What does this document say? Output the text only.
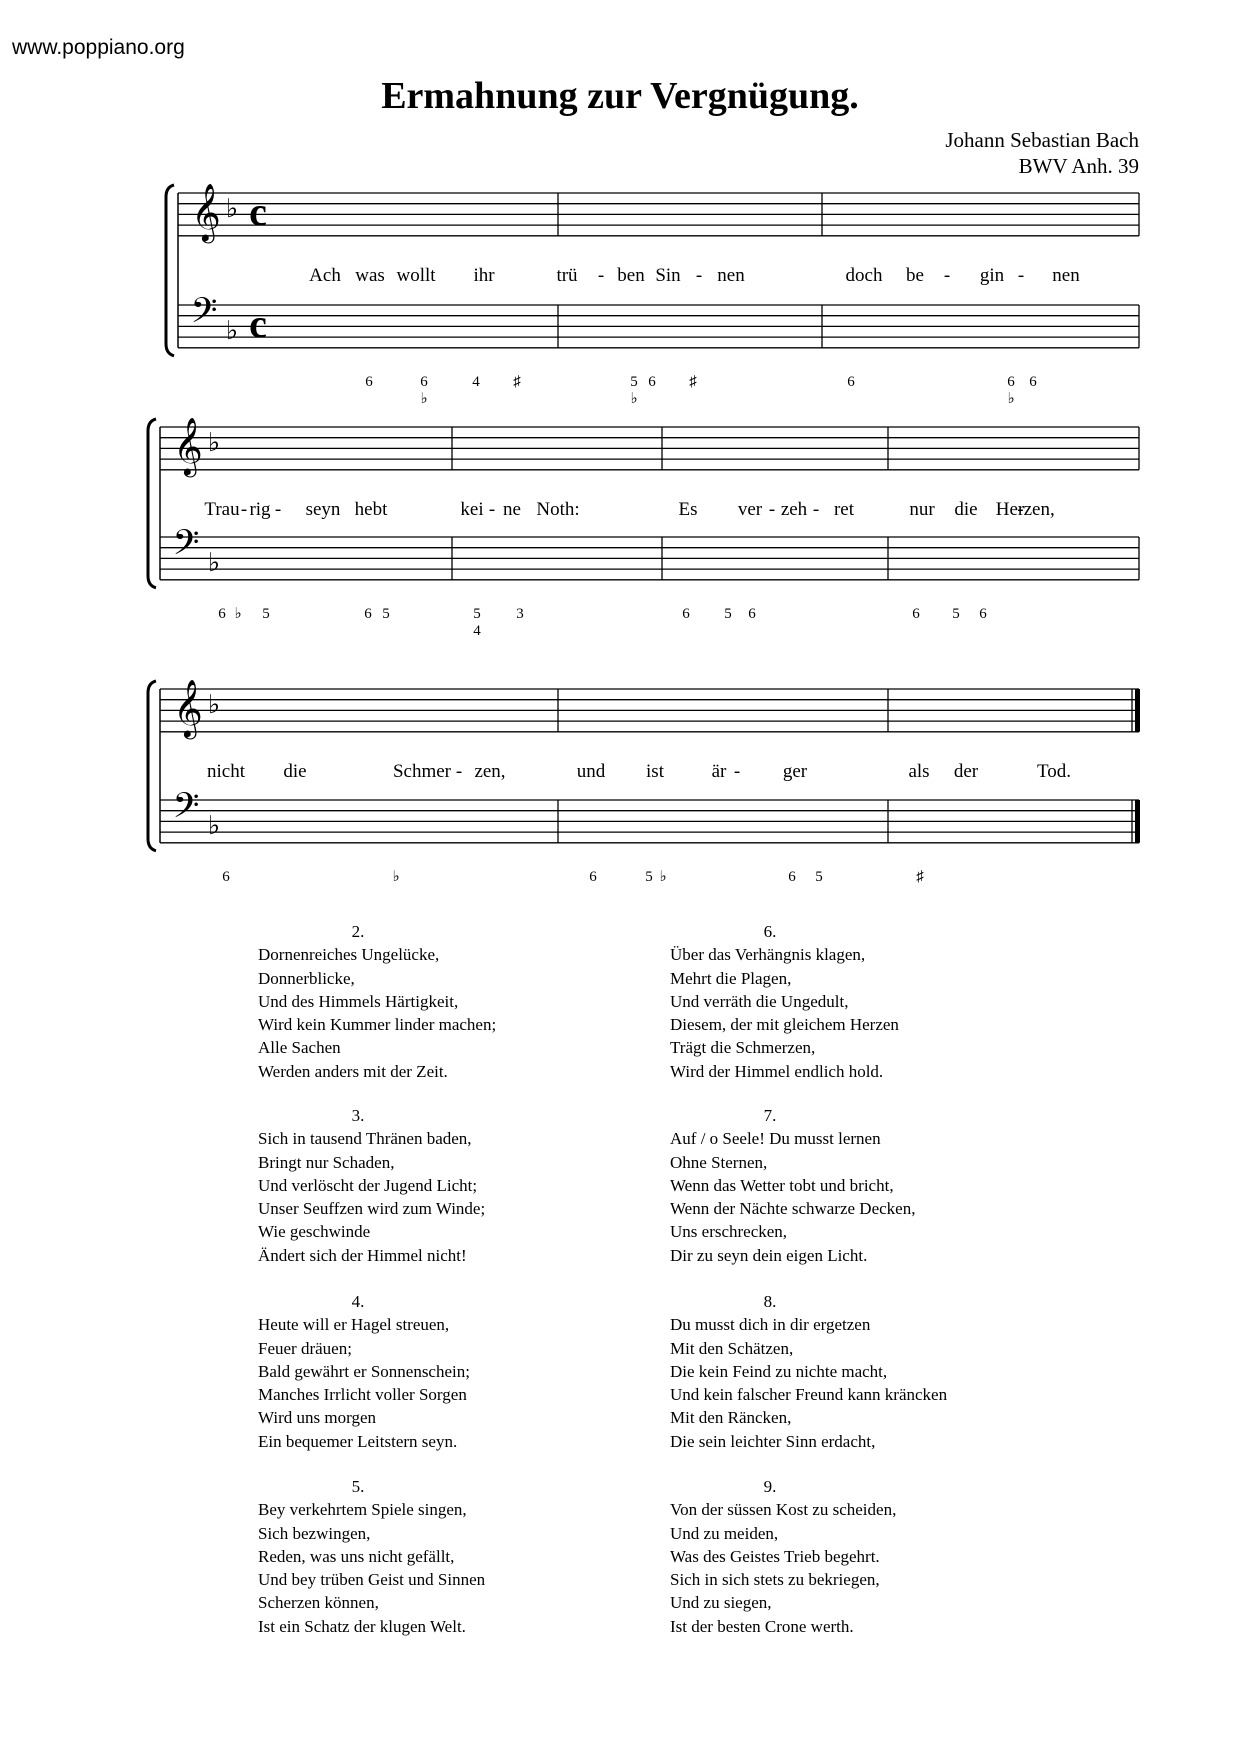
www.poppiano.org
Ermahnung zur Vergnügung.
Johann Sebastian Bach
BWV Anh. 39
𝄞
𝄢
♭
♭
c
c
Ach was wollt ihr	trü - ben Sin - nen	doch be - gin - nen
6	6
♭
4 ♯	5
♭
6 ♯	6	6
♭
6
𝄞
𝄢
♭
♭
Trau - rig - seyn hebt	kei - ne Noth:	Es ver - zeh - ret	nur die Her
-zen,
6 ♭ 5	6 5	5
4
3	6 5 6	6 5 6
𝄞
𝄢
♭
♭
nicht die	Schmer - zen,	und ist	är - ger	als der	Tod.
6	♭	6	5 ♭	6 5	♯
2.
Dornenreiches Ungelücke,
Donnerblicke,
Und des Himmels Härtigkeit,
Wird kein Kummer linder machen;
Alle Sachen
Werden anders mit der Zeit.
3.
Sich in tausend Thränen baden,
Bringt nur Schaden,
Und verlöscht der Jugend Licht;
Unser Seuffzen wird zum Winde;
Wie geschwinde
Ändert sich der Himmel nicht!
4.
Heute will er Hagel streuen,
Feuer dräuen;
Bald gewährt er Sonnenschein;
Manches Irrlicht voller Sorgen
Wird uns morgen
Ein bequemer Leitstern seyn.
5.
Bey verkehrtem Spiele singen,
Sich bezwingen,
Reden, was uns nicht gefällt,
Und bey trüben Geist und Sinnen
Scherzen können,
Ist ein Schatz der klugen Welt.
6.
Über das Verhängnis klagen,
Mehrt die Plagen,
Und verräth die Ungedult,
Diesem, der mit gleichem Herzen
Trägt die Schmerzen,
Wird der Himmel endlich hold.
7.
Auf / o Seele! Du musst lernen
Ohne Sternen,
Wenn das Wetter tobt und bricht,
Wenn der Nächte schwarze Decken,
Uns erschrecken,
Dir zu seyn dein eigen Licht.
8.
Du musst dich in dir ergetzen
Mit den Schätzen,
Die kein Feind zu nichte macht,
Und kein falscher Freund kann kräncken
Mit den Räncken,
Die sein leichter Sinn erdacht,
9.
Von der süssen Kost zu scheiden,
Und zu meiden,
Was des Geistes Trieb begehrt.
Sich in sich stets zu bekriegen,
Und zu siegen,
Ist der besten Crone werth.
